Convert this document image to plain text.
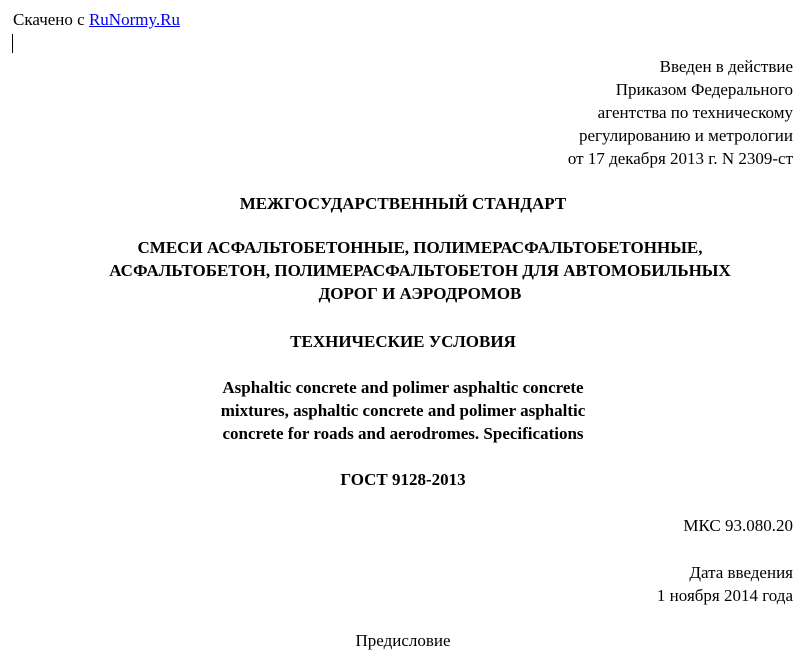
Скачено с RuNormy.Ru
Введен в действие
Приказом Федерального
агентства по техническому
регулированию и метрологии
от 17 декабря 2013 г. N 2309-ст
МЕЖГОСУДАРСТВЕННЫЙ СТАНДАРТ
СМЕСИ АСФАЛЬТОБЕТОННЫЕ, ПОЛИМЕРАСФАЛЬТОБЕТОННЫЕ,
АСФАЛЬТОБЕТОН, ПОЛИМЕРАСФАЛЬТОБЕТОН ДЛЯ АВТОМОБИЛЬНЫХ
ДОРОГ И АЭРОДРОМОВ
ТЕХНИЧЕСКИЕ УСЛОВИЯ
Asphaltic concrete and polimer asphaltic concrete
mixtures, asphaltic concrete and polimer asphaltic
concrete for roads and aerodromes. Specifications
ГОСТ 9128-2013
МКС 93.080.20
Дата введения
1 ноября 2014 года
Предисловие
